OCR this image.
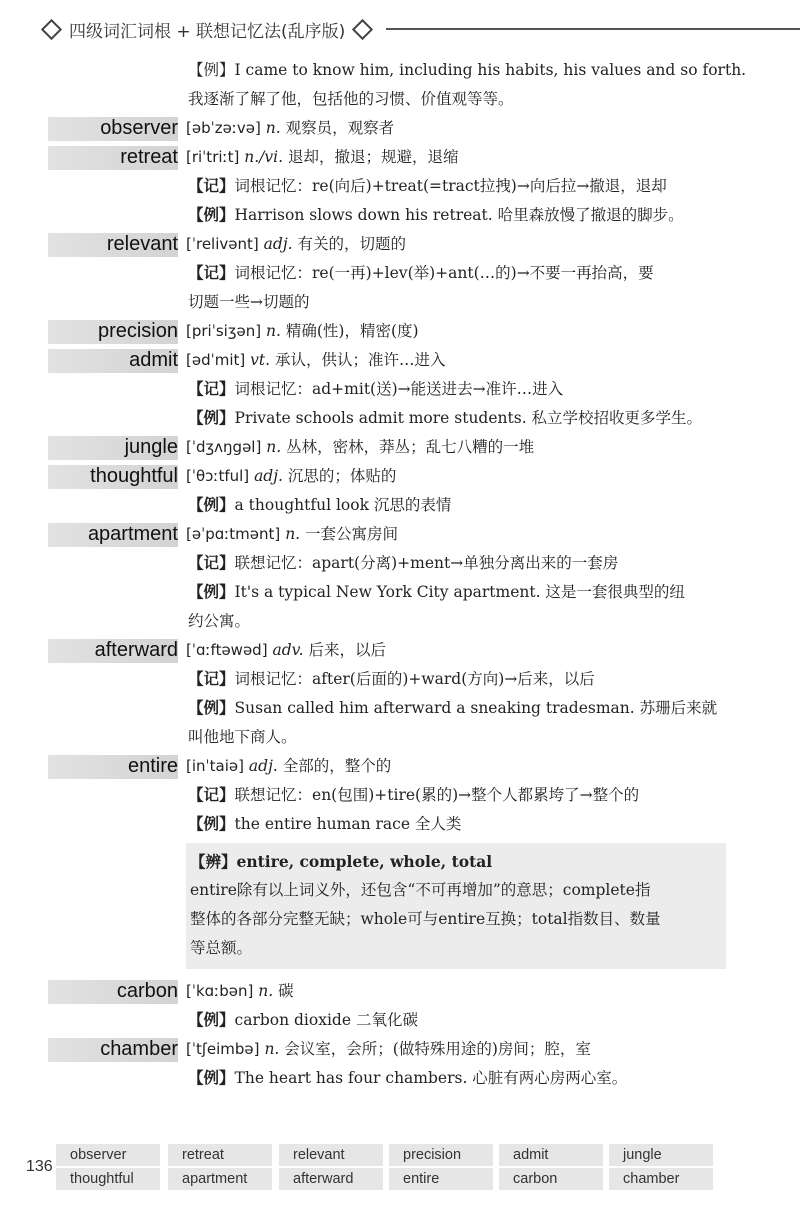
四级词汇词根 + 联想记忆法(乱序版)
【例】I came to know him, including his habits, his values and so forth.
我逐渐了解了他，包括他的习惯、价值观等等。
observer [əbˈzəːvə] n. 观察员，观察者
retreat [riˈtriːt] n./vi. 退却，撤退；规避，退缩
【记】词根记忆：re(向后)+treat(=tract拉拽)→向后拉→撤退，退却
【例】Harrison slows down his retreat. 哈里森放慢了撤退的脚步。
relevant [ˈrelivənt] adj. 有关的，切题的
【记】词根记忆：re(一再)+lev(举)+ant(…的)→不要一再抬高，要
切题一些→切题的
precision [priˈsiʒən] n. 精确(性)，精密(度)
admit [ədˈmit] vt. 承认，供认；准许…进入
【记】词根记忆：ad+mit(送)→能送进去→准许…进入
【例】Private schools admit more students. 私立学校招收更多学生。
jungle [ˈdʒʌŋgəl] n. 丛林，密林，莽丛；乱七八糟的一堆
thoughtful [ˈθɔːtful] adj. 沉思的；体贴的
【例】a thoughtful look 沉思的表情
apartment [əˈpɑːtmənt] n. 一套公寓房间
【记】联想记忆：apart(分离)+ment→单独分离出来的一套房
【例】It's a typical New York City apartment. 这是一套很典型的纽
约公寓。
afterward [ˈɑːftəwəd] adv. 后来，以后
【记】词根记忆：after(后面的)+ward(方向)→后来，以后
【例】Susan called him afterward a sneaking tradesman. 苏珊后来就
叫他地下商人。
entire [inˈtaiə] adj. 全部的，整个的
【记】联想记忆：en(包围)+tire(累的)→整个人都累垮了→整个的
【例】the entire human race 全人类
【辨】entire, complete, whole, total
entire除有以上词义外，还包含“不可再增加”的意思；complete指
整体的各部分完整无缺；whole可与entire互换；total指数目、数量
等总额。
carbon [ˈkɑːbən] n. 碳
【例】carbon dioxide 二氧化碳
chamber [ˈtʃeimbə] n. 会议室，会所；(做特殊用途的)房间；腔，室
【例】The heart has four chambers. 心脏有两心房两心室。
136
observer	retreat	relevant	precision	admit	jungle
thoughtful	apartment	afterward	entire	carbon	chamber
